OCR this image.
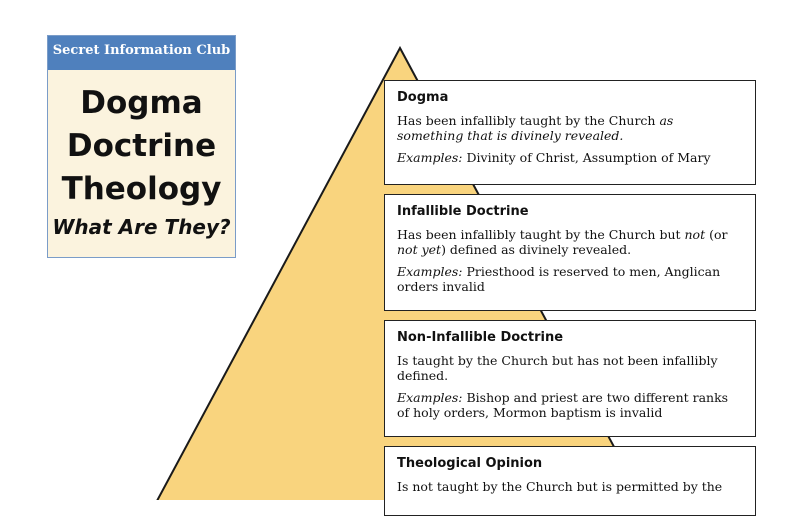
Secret Information Club
Dogma
Doctrine
Theology
What Are They?
Dogma

Has been infallibly taught by the Church as something that is divinely revealed.

Examples: Divinity of Christ, Assumption of Mary

Infallible Doctrine

Has been infallibly taught by the Church but not (or not yet) defined as divinely revealed.

Examples: Priesthood is reserved to men, Anglican orders invalid

Non-Infallible Doctrine

Is taught by the Church but has not been infallibly defined.

Examples: Bishop and priest are two different ranks of holy orders, Mormon baptism is invalid

Theological Opinion

Is not taught by the Church but is permitted by the
